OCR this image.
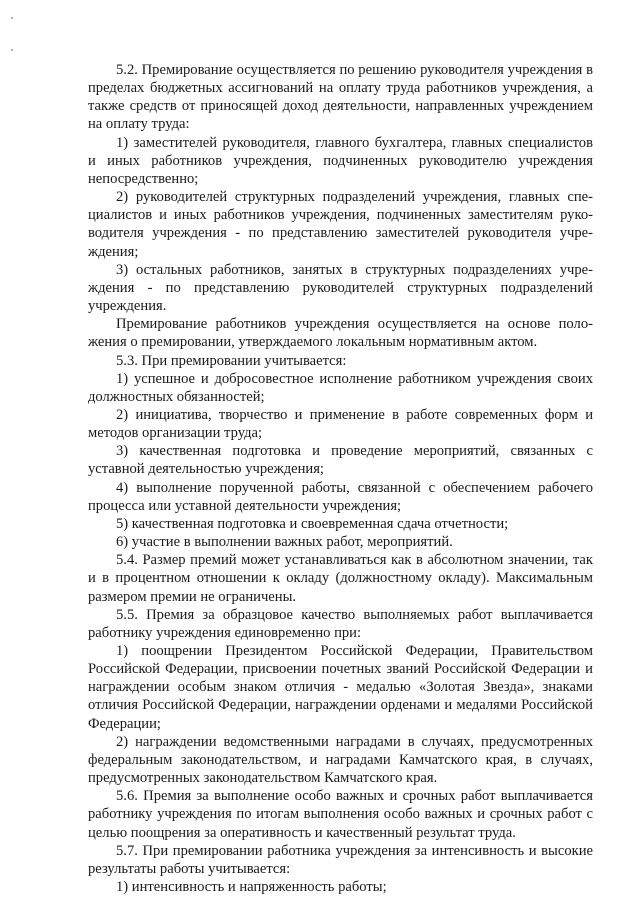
5.2. Премирование осуществляется по решению руководителя учреждения в пределах бюджетных ассигнований на оплату труда работников учреждения, а также средств от приносящей доход деятельности, направленных учреждением на оплату труда:

1) заместителей руководителя, главного бухгалтера, главных специалистов и иных работников учреждения, подчиненных руководителю учреждения непосредственно;

2) руководителей структурных подразделений учреждения, главных специалистов и иных работников учреждения, подчиненных заместителям руководителя учреждения - по представлению заместителей руководителя учреждения;

3) остальных работников, занятых в структурных подразделениях учреждения - по представлению руководителей структурных подразделений учреждения.

Премирование работников учреждения осуществляется на основе положения о премировании, утверждаемого локальным нормативным актом.

5.3. При премировании учитывается:

1) успешное и добросовестное исполнение работником учреждения своих должностных обязанностей;

2) инициатива, творчество и применение в работе современных форм и методов организации труда;

3) качественная подготовка и проведение мероприятий, связанных с уставной деятельностью учреждения;

4) выполнение порученной работы, связанной с обеспечением рабочего процесса или уставной деятельности учреждения;

5) качественная подготовка и своевременная сдача отчетности;

6) участие в выполнении важных работ, мероприятий.

5.4. Размер премий может устанавливаться как в абсолютном значении, так и в процентном отношении к окладу (должностному окладу). Максимальным размером премии не ограничены.

5.5. Премия за образцовое качество выполняемых работ выплачивается работнику учреждения единовременно при:

1) поощрении Президентом Российской Федерации, Правительством Российской Федерации, присвоении почетных званий Российской Федерации и награждении особым знаком отличия - медалью «Золотая Звезда», знаками отличия Российской Федерации, награждении орденами и медалями Российской Федерации;

2) награждении ведомственными наградами в случаях, предусмотренных федеральным законодательством, и наградами Камчатского края, в случаях, предусмотренных законодательством Камчатского края.

5.6. Премия за выполнение особо важных и срочных работ выплачивается работнику учреждения по итогам выполнения особо важных и срочных работ с целью поощрения за оперативность и качественный результат труда.

5.7. При премировании работника учреждения за интенсивность и высокие результаты работы учитывается:

1) интенсивность и напряженность работы;
